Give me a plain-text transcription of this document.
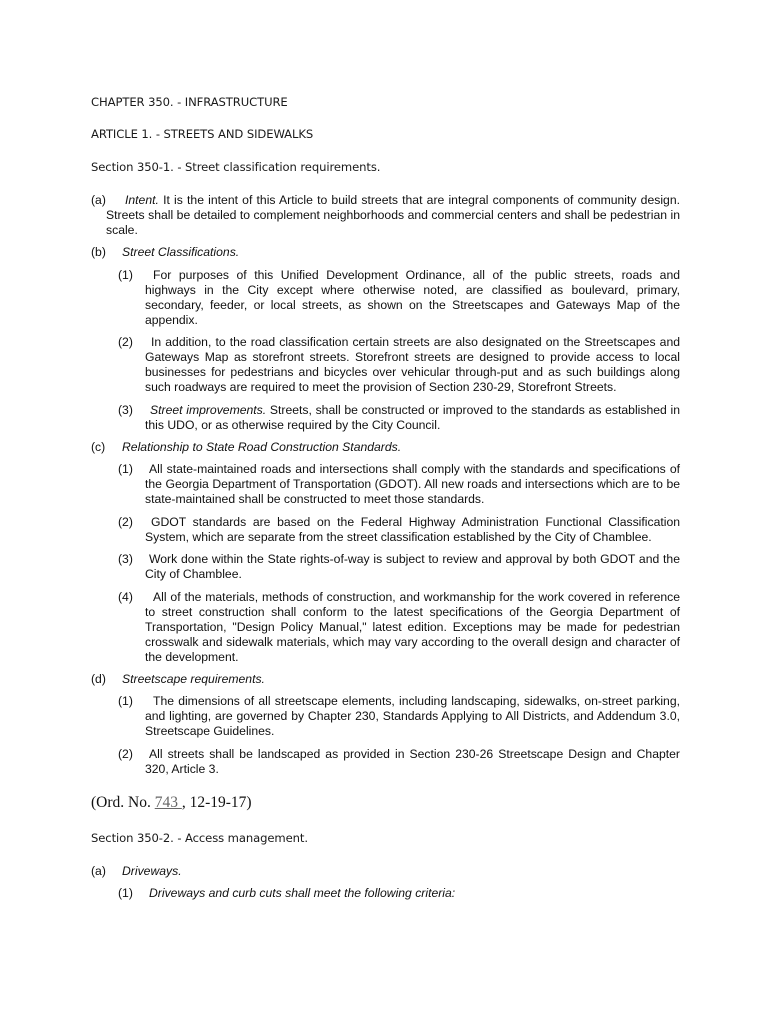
CHAPTER 350. - INFRASTRUCTURE
ARTICLE 1. - STREETS AND SIDEWALKS
Section 350-1. - Street classification requirements.
(a)	Intent. It is the intent of this Article to build streets that are integral components of community design. Streets shall be detailed to complement neighborhoods and commercial centers and shall be pedestrian in scale.
(b) Street Classifications.
(1)	For purposes of this Unified Development Ordinance, all of the public streets, roads and highways in the City except where otherwise noted, are classified as boulevard, primary, secondary, feeder, or local streets, as shown on the Streetscapes and Gateways Map of the appendix.
(2)	In addition, to the road classification certain streets are also designated on the Streetscapes and Gateways Map as storefront streets. Storefront streets are designed to provide access to local businesses for pedestrians and bicycles over vehicular through-put and as such buildings along such roadways are required to meet the provision of Section 230-29, Storefront Streets.
(3)	Street improvements. Streets, shall be constructed or improved to the standards as established in this UDO, or as otherwise required by the City Council.
(c) Relationship to State Road Construction Standards.
(1)	All state-maintained roads and intersections shall comply with the standards and specifications of the Georgia Department of Transportation (GDOT). All new roads and intersections which are to be state-maintained shall be constructed to meet those standards.
(2)	GDOT standards are based on the Federal Highway Administration Functional Classification System, which are separate from the street classification established by the City of Chamblee.
(3)	Work done within the State rights-of-way is subject to review and approval by both GDOT and the City of Chamblee.
(4)	All of the materials, methods of construction, and workmanship for the work covered in reference to street construction shall conform to the latest specifications of the Georgia Department of Transportation, "Design Policy Manual," latest edition. Exceptions may be made for pedestrian crosswalk and sidewalk materials, which may vary according to the overall design and character of the development.
(d) Streetscape requirements.
(1)	The dimensions of all streetscape elements, including landscaping, sidewalks, on-street parking, and lighting, are governed by Chapter 230, Standards Applying to All Districts, and Addendum 3.0, Streetscape Guidelines.
(2)	All streets shall be landscaped as provided in Section 230-26 Streetscape Design and Chapter 320, Article 3.
(Ord. No. 743 , 12-19-17)
Section 350-2. - Access management.
(a) Driveways.
(1) Driveways and curb cuts shall meet the following criteria:
